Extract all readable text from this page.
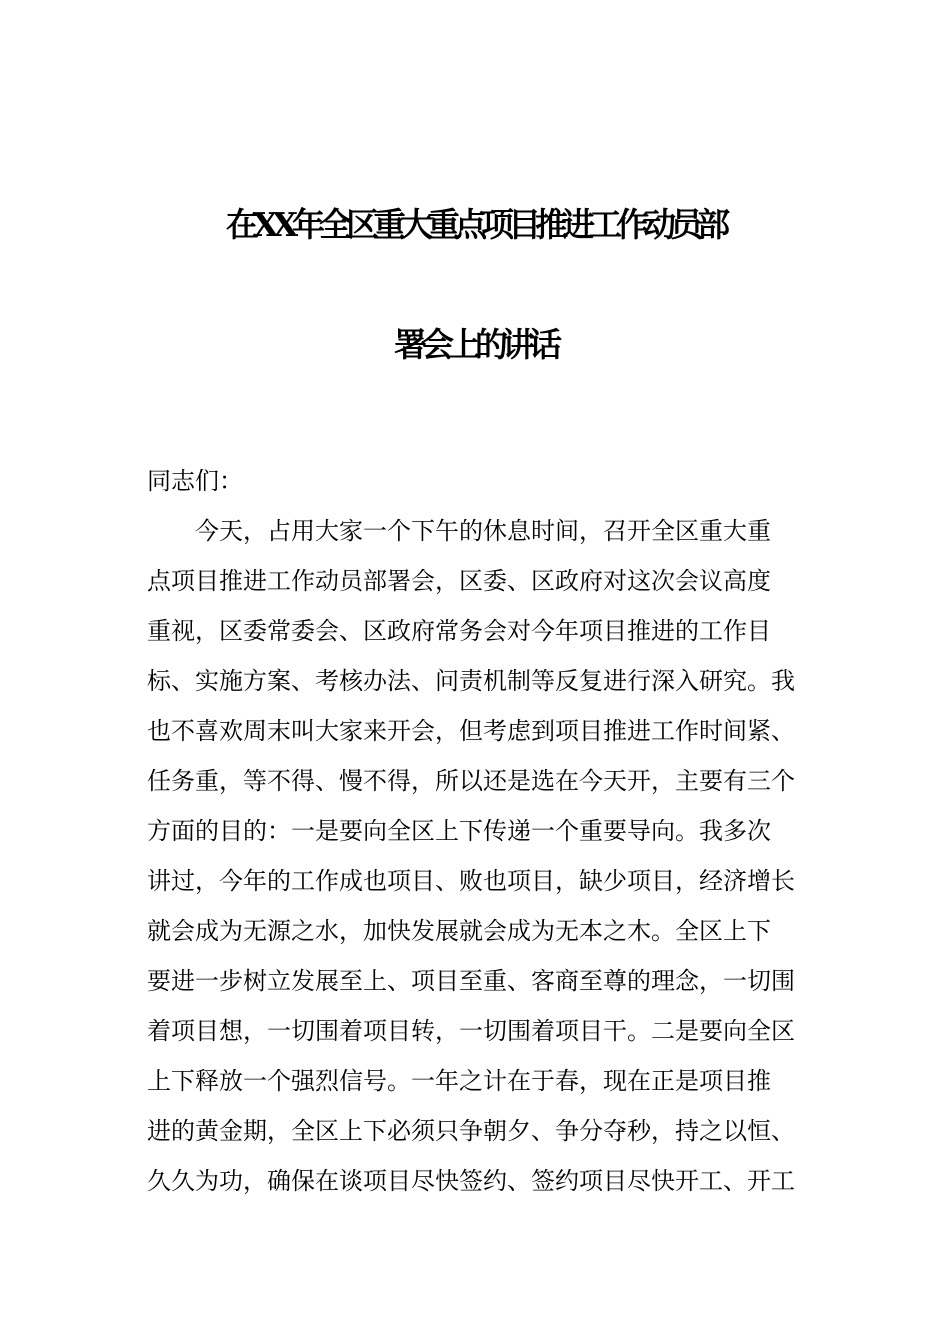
在XX年全区重大重点项目推进工作动员部
署会上的讲话
同志们：
　　今天，占用大家一个下午的休息时间，召开全区重大重
点项目推进工作动员部署会，区委、区政府对这次会议高度
重视，区委常委会、区政府常务会对今年项目推进的工作目
标、实施方案、考核办法、问责机制等反复进行深入研究。我
也不喜欢周末叫大家来开会，但考虑到项目推进工作时间紧、
任务重，等不得、慢不得，所以还是选在今天开，主要有三个
方面的目的：一是要向全区上下传递一个重要导向。我多次
讲过，今年的工作成也项目、败也项目，缺少项目，经济增长
就会成为无源之水，加快发展就会成为无本之木。全区上下
要进一步树立发展至上、项目至重、客商至尊的理念，一切围
着项目想，一切围着项目转，一切围着项目干。二是要向全区
上下释放一个强烈信号。一年之计在于春，现在正是项目推
进的黄金期，全区上下必须只争朝夕、争分夺秒，持之以恒、
久久为功，确保在谈项目尽快签约、签约项目尽快开工、开工
